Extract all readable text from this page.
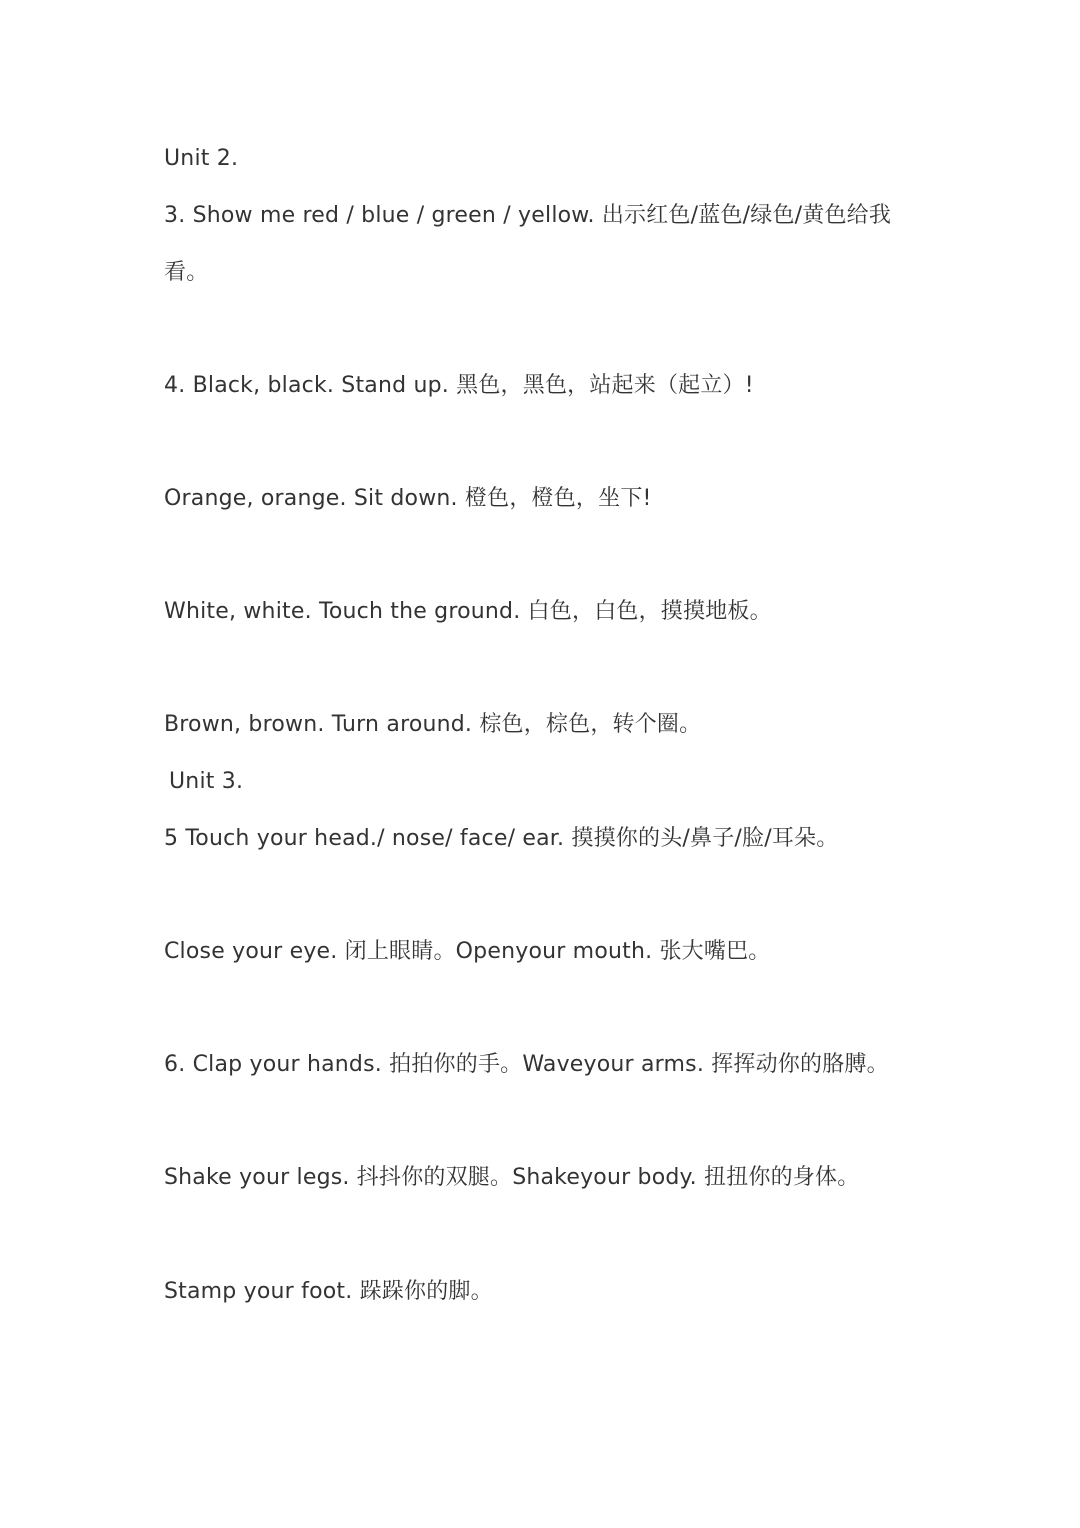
Unit 2.
3. Show me red / blue / green / yellow. 出示红色/蓝色/绿色/黄色给我看。
4. Black, black. Stand up. 黑色，黑色，站起来（起立）!
Orange, orange. Sit down. 橙色，橙色，坐下!
White, white. Touch the ground. 白色，白色，摸摸地板。
Brown, brown. Turn around. 棕色，棕色，转个圈。
Unit 3.
5 Touch your head./ nose/ face/ ear. 摸摸你的头/鼻子/脸/耳朵。
Close your eye. 闭上眼睛。Openyour mouth. 张大嘴巴。
6. Clap your hands. 拍拍你的手。Waveyour arms. 挥挥动你的胳膊。
Shake your legs. 抖抖你的双腿。Shakeyour body. 扭扭你的身体。
Stamp your foot. 跺跺你的脚。
